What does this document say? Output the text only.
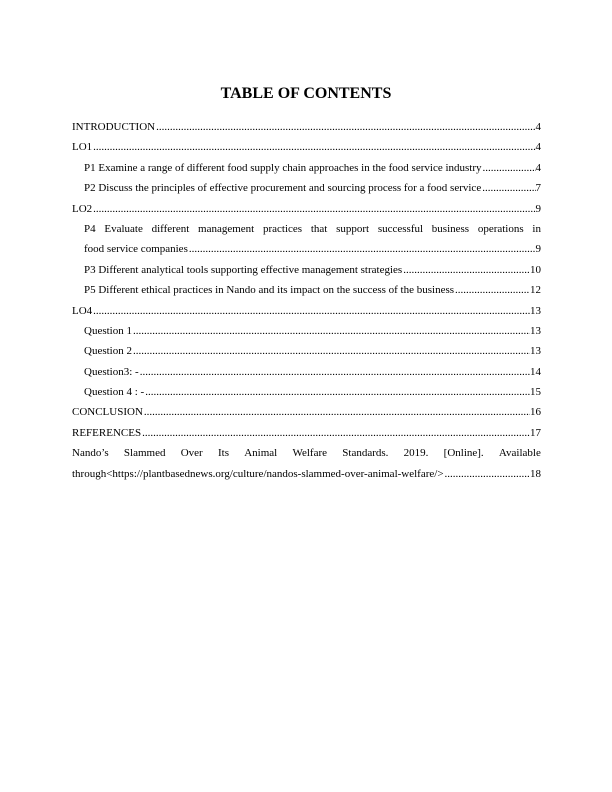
TABLE OF CONTENTS
INTRODUCTION .....	4
LO1 .....	4
P1 Examine a range of different food supply chain approaches in the food service industry .....	4
P2 Discuss the principles of effective procurement and sourcing process for a food service .....	7
LO2 .....	9
P4 Evaluate different management practices that support successful business operations in
food service companies .....	9
P3 Different analytical tools supporting effective management strategies .....	10
P5 Different ethical practices in Nando and its impact on the success of the business .....	12
LO4 .....	13
Question 1 .....	13
Question 2 .....	13
Question3: - .....	14
Question 4 : - .....	15
CONCLUSION .....	16
REFERENCES .....	17
Nando’s Slammed Over Its Animal Welfare Standards. 2019. [Online]. Available
through<https://plantbasednews.org/culture/nandos-slammed-over-animal-welfare/> .....	18
